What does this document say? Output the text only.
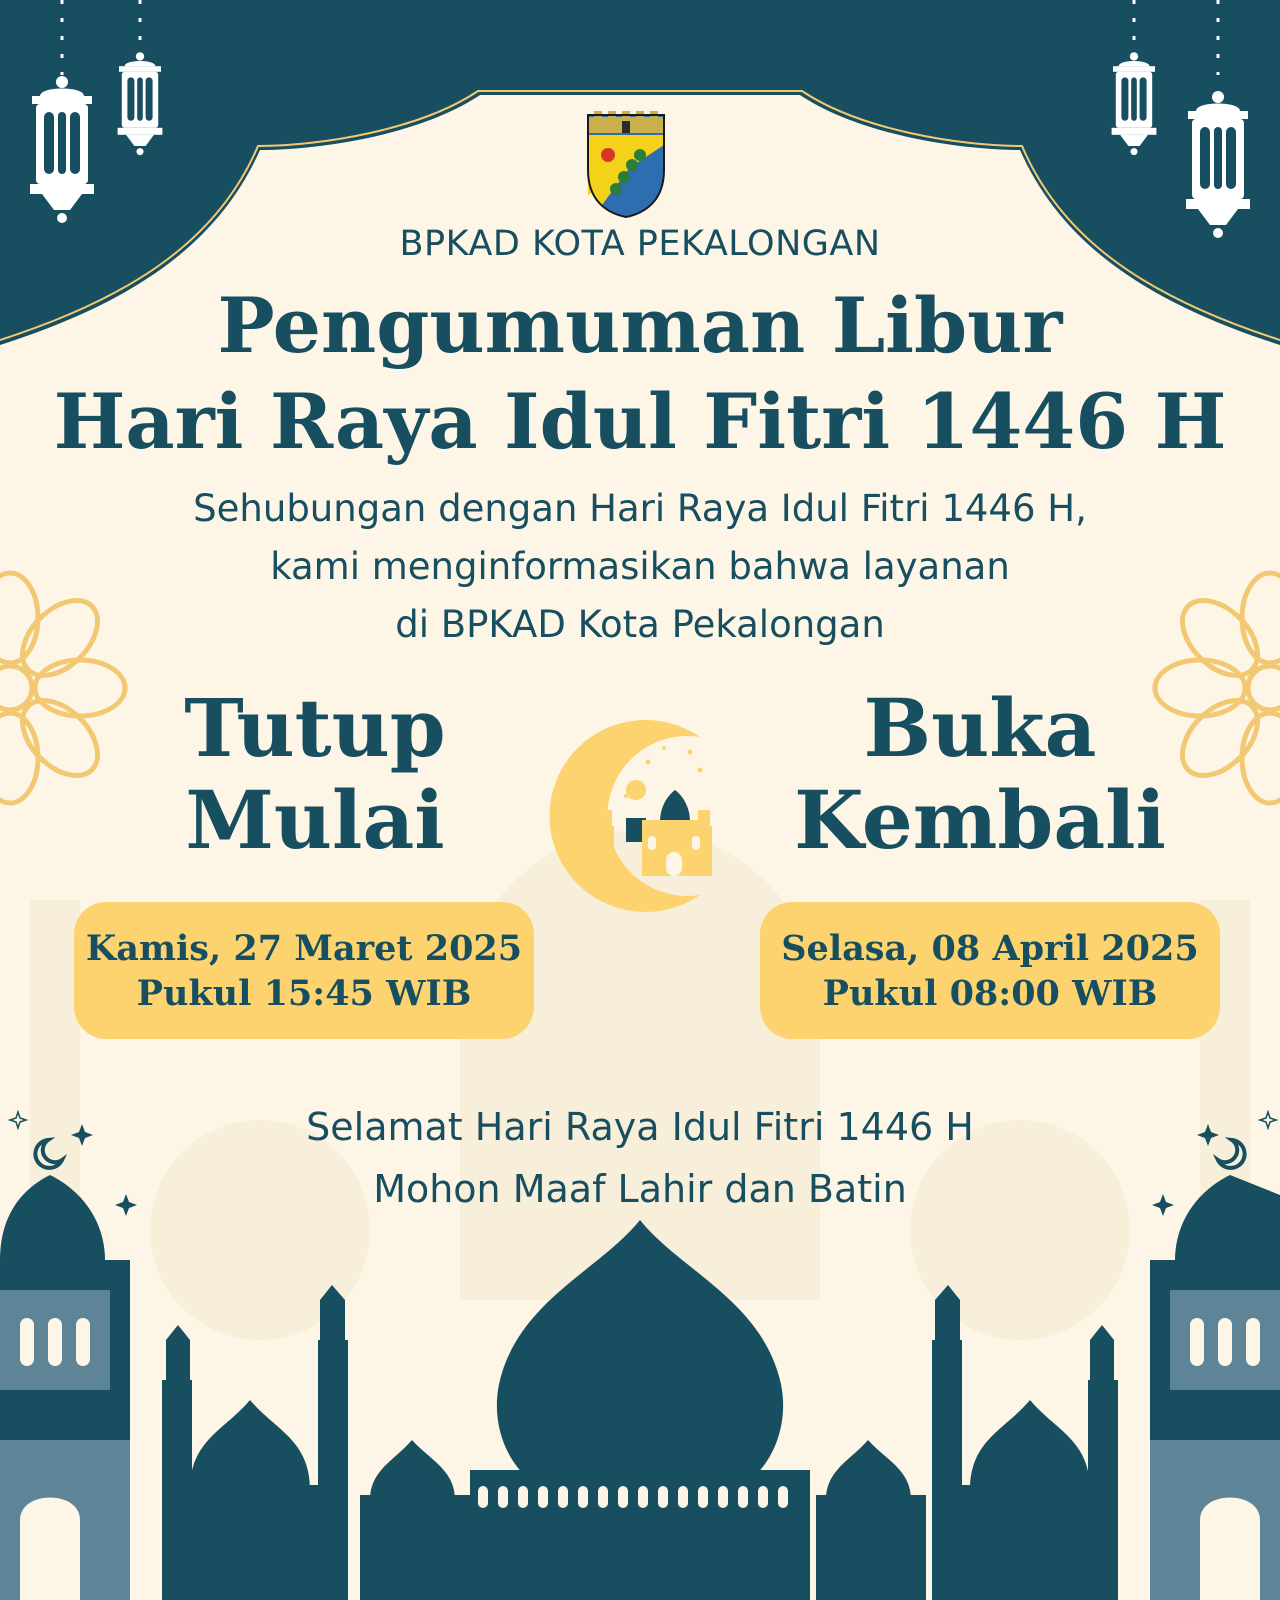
BPKAD KOTA PEKALONGAN
Pengumuman Libur
Hari Raya Idul Fitri 1446 H
Sehubungan dengan Hari Raya Idul Fitri 1446 H,
kami menginformasikan bahwa layanan
di BPKAD Kota Pekalongan
Tutup
Mulai
Buka
Kembali
Kamis, 27 Maret 2025
Pukul 15:45 WIB
Selasa, 08 April 2025
Pukul 08:00 WIB
Selamat Hari Raya Idul Fitri 1446 H
Mohon Maaf Lahir dan Batin
